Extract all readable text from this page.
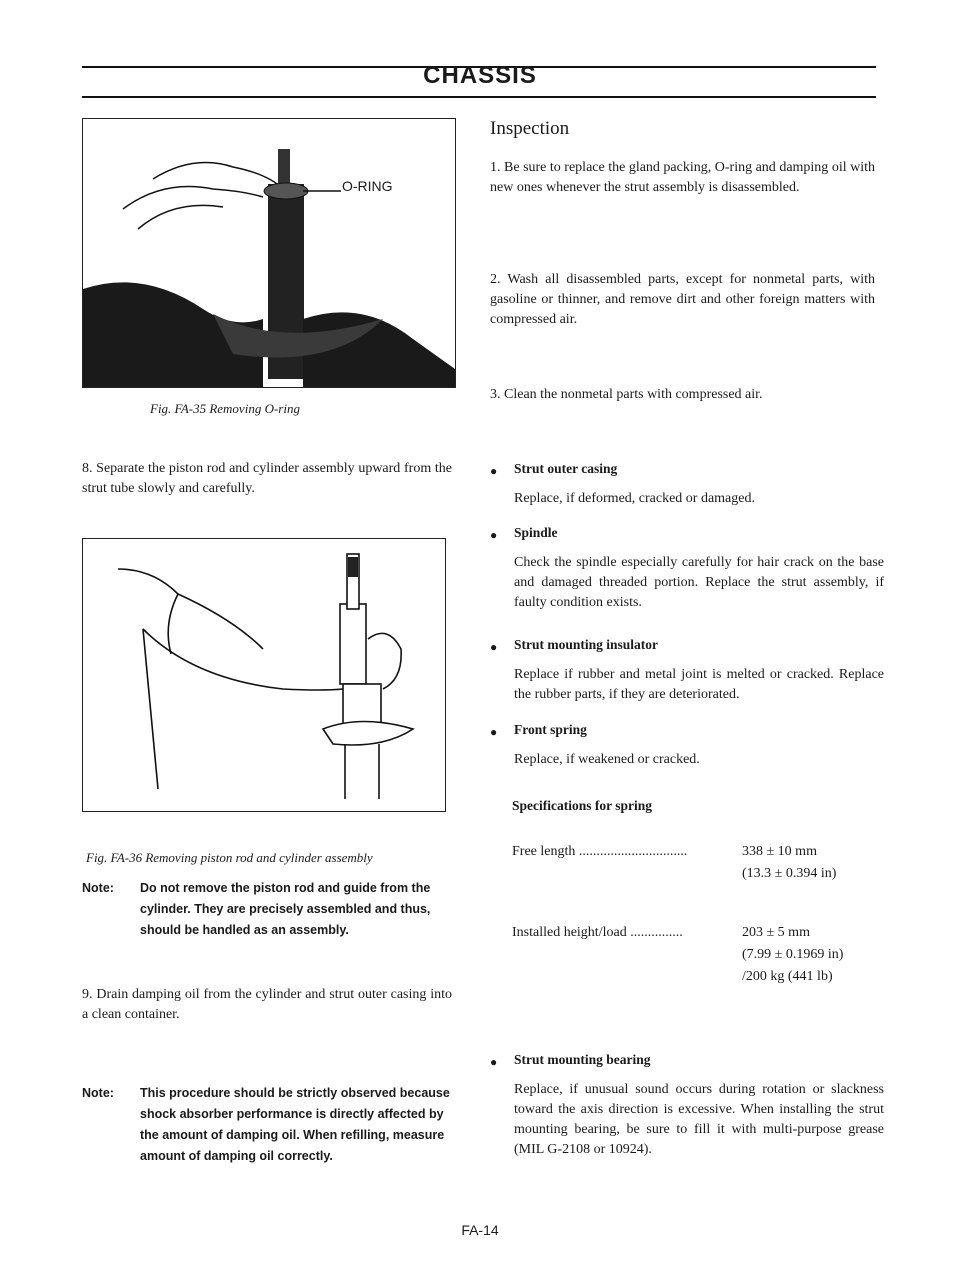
CHASSIS
O-RING
Fig. FA-35 Removing O-ring
8. Separate the piston rod and cylinder assembly upward from the strut tube slowly and carefully.
Fig. FA-36 Removing piston rod and cylinder assembly
Note: Do not remove the piston rod and guide from the cylinder. They are precisely assembled and thus, should be handled as an assembly.
9. Drain damping oil from the cylinder and strut outer casing into a clean container.
Note: This procedure should be strictly observed because shock absorber performance is directly affected by the amount of damping oil. When refilling, measure amount of damping oil correctly.
Inspection
1. Be sure to replace the gland packing, O-ring and damping oil with new ones whenever the strut assembly is disassembled.
2. Wash all disassembled parts, except for nonmetal parts, with gasoline or thinner, and remove dirt and other foreign matters with compressed air.
3. Clean the nonmetal parts with compressed air.
● Strut outer casing
Replace, if deformed, cracked or damaged.
● Spindle
Check the spindle especially carefully for hair crack on the base and damaged threaded portion. Replace the strut assembly, if faulty condition exists.
● Strut mounting insulator
Replace if rubber and metal joint is melted or cracked. Replace the rubber parts, if they are deteriorated.
● Front spring
Replace, if weakened or cracked.
Specifications for spring
Free length ...............................	338 ± 10 mm
(13.3 ± 0.394 in)
Installed height/load ...............	203 ± 5 mm
(7.99 ± 0.1969 in)
/200 kg (441 lb)
● Strut mounting bearing
Replace, if unusual sound occurs during rotation or slackness toward the axis direction is excessive. When installing the strut mounting bearing, be sure to fill it with multi-purpose grease (MIL G-2108 or 10924).
FA-14
